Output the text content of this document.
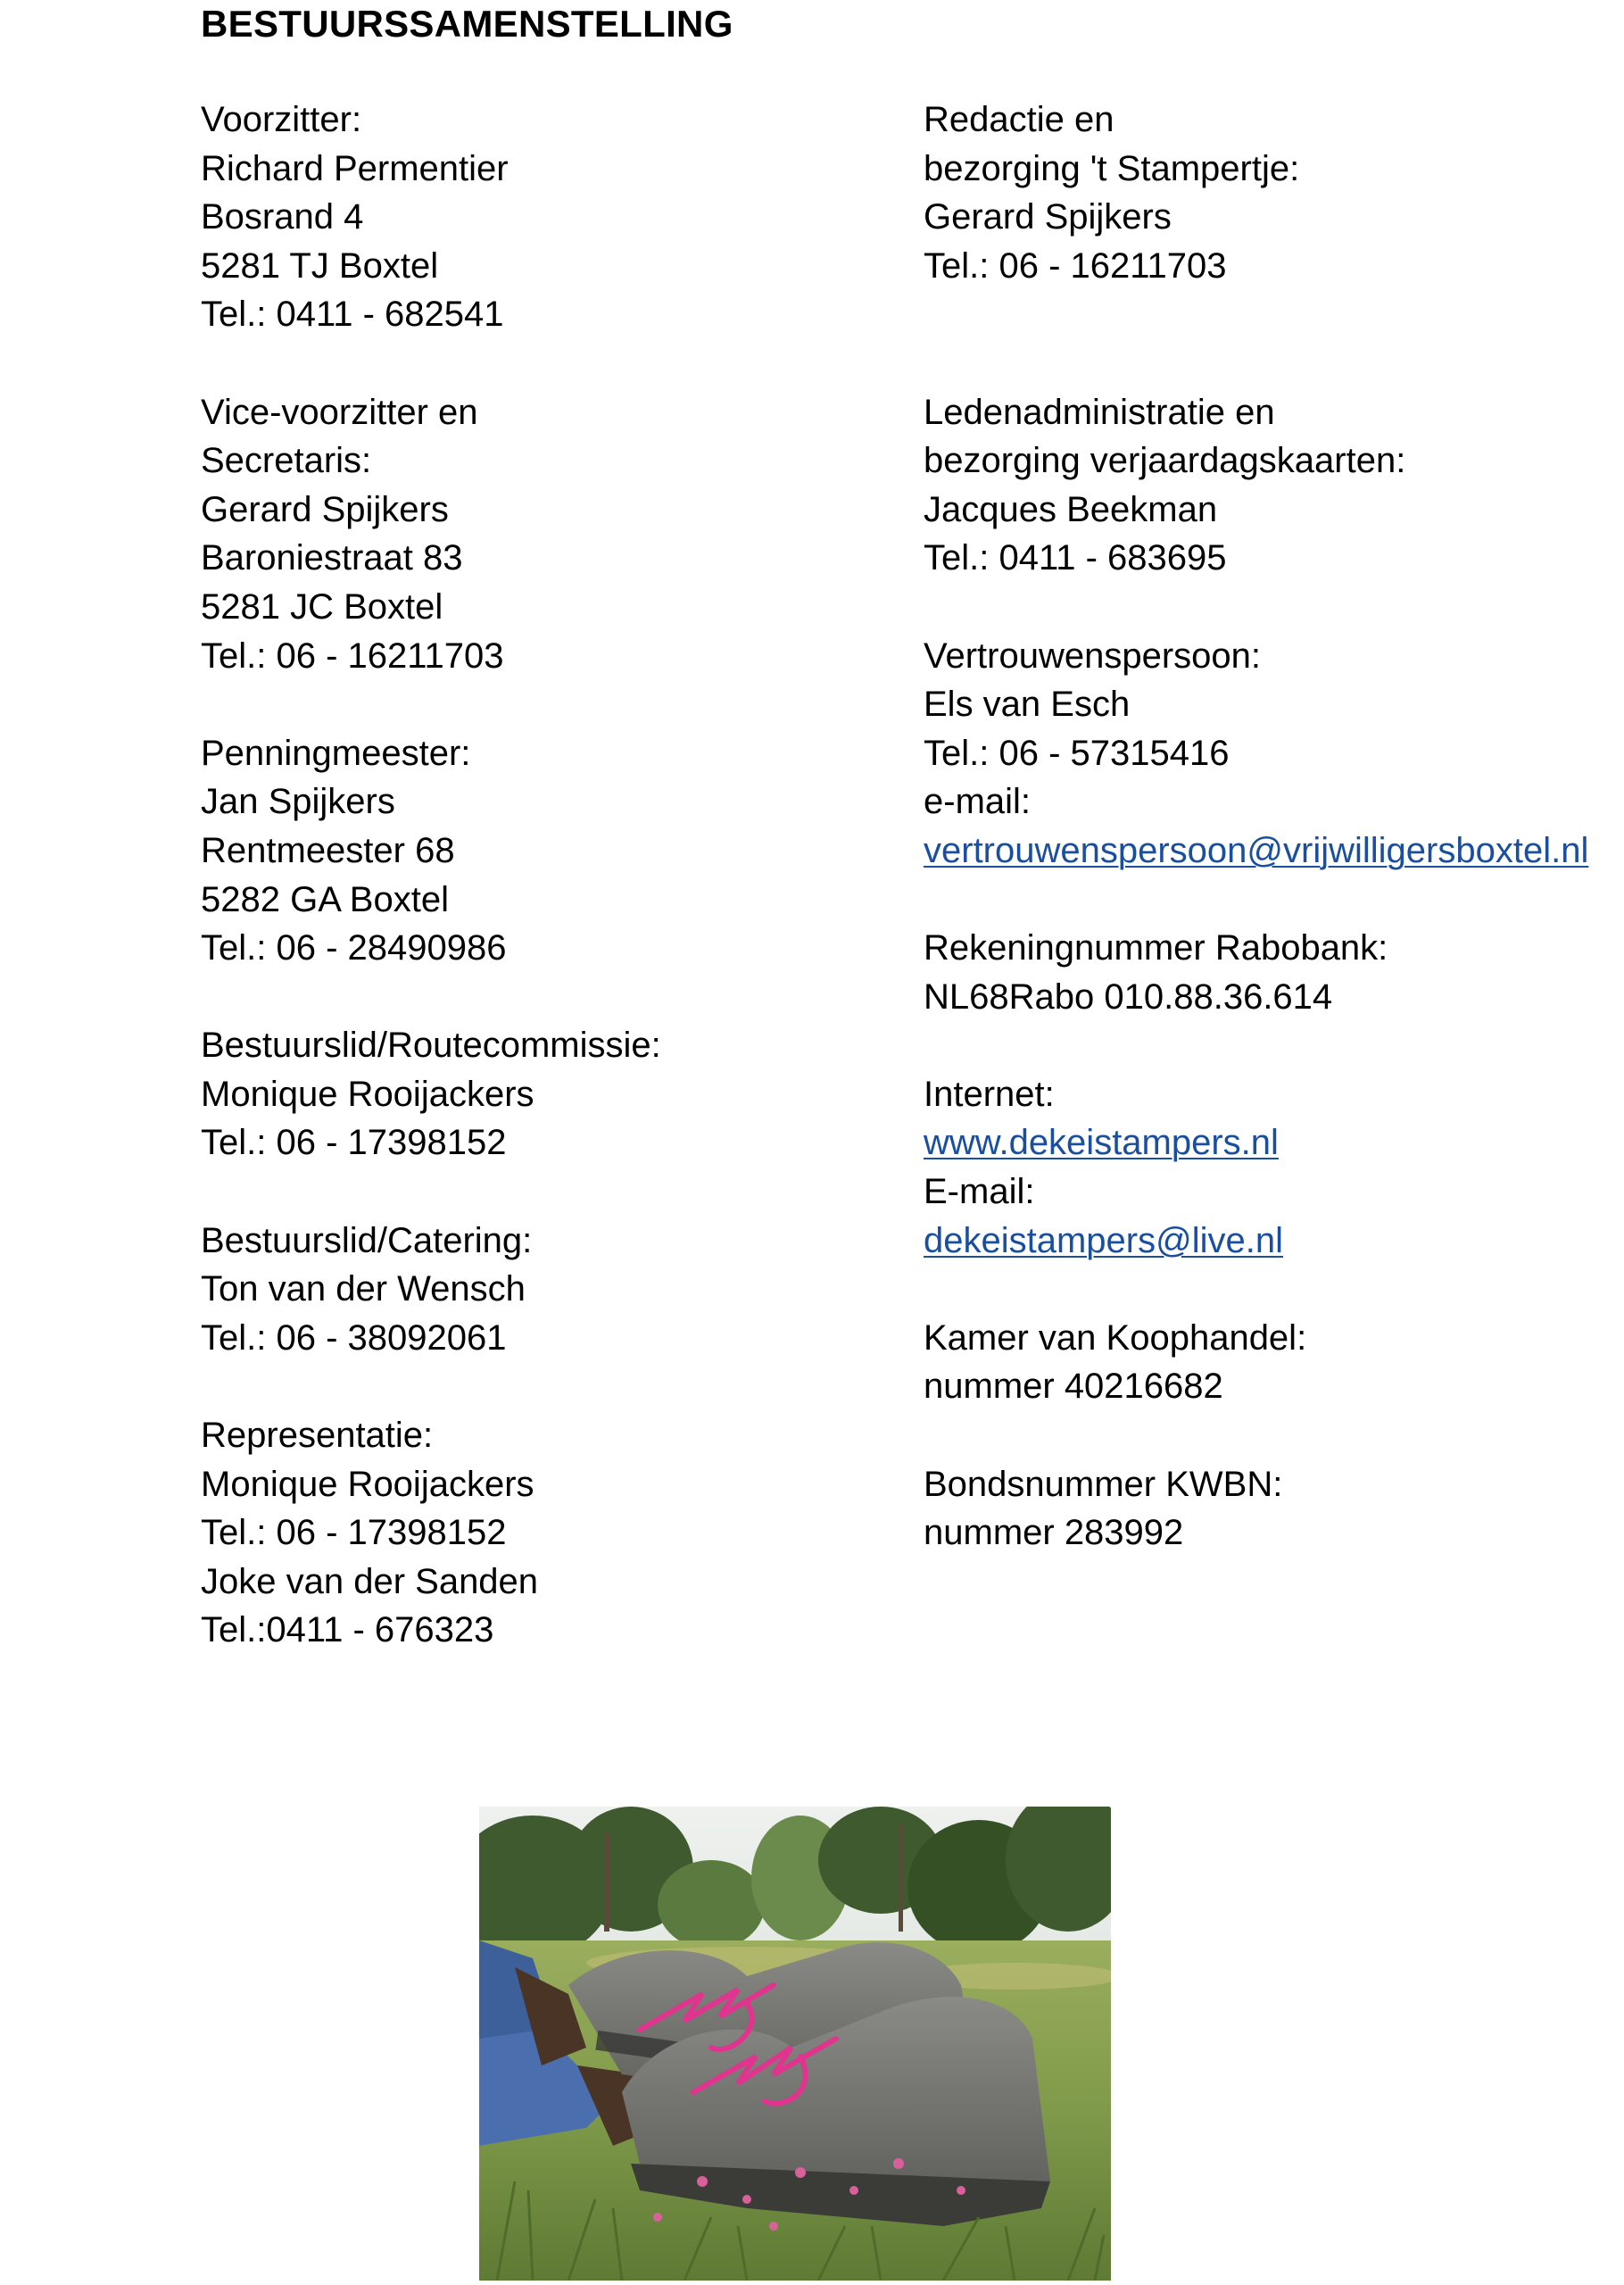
BESTUURSSAMENSTELLING
Voorzitter:
Richard Permentier
Bosrand 4
5281 TJ Boxtel
Tel.: 0411 - 682541
Vice-voorzitter en
Secretaris:
Gerard Spijkers
Baroniestraat 83
5281 JC Boxtel
Tel.: 06 - 16211703
Penningmeester:
Jan Spijkers
Rentmeester 68
5282 GA Boxtel
Tel.: 06 - 28490986
Bestuurslid/Routecommissie:
Monique Rooijackers
Tel.: 06 - 17398152
Bestuurslid/Catering:
Ton van der Wensch
Tel.: 06 - 38092061
Representatie:
Monique Rooijackers
Tel.: 06 - 17398152
Joke van der Sanden
Tel.:0411 - 676323
Redactie en
bezorging 't Stampertje:
Gerard Spijkers
Tel.: 06 - 16211703
Ledenadministratie en
bezorging verjaardagskaarten:
Jacques Beekman
Tel.: 0411 - 683695
Vertrouwenspersoon:
Els van Esch
Tel.: 06 - 57315416
e-mail:
vertrouwenspersoon@vrijwilligersboxtel.nl
Rekeningnummer Rabobank:
NL68Rabo 010.88.36.614
Internet:
www.dekeistampers.nl
E-mail:
dekeistampers@live.nl
Kamer van Koophandel:
nummer 40216682
Bondsnummer KWBN:
nummer 283992
